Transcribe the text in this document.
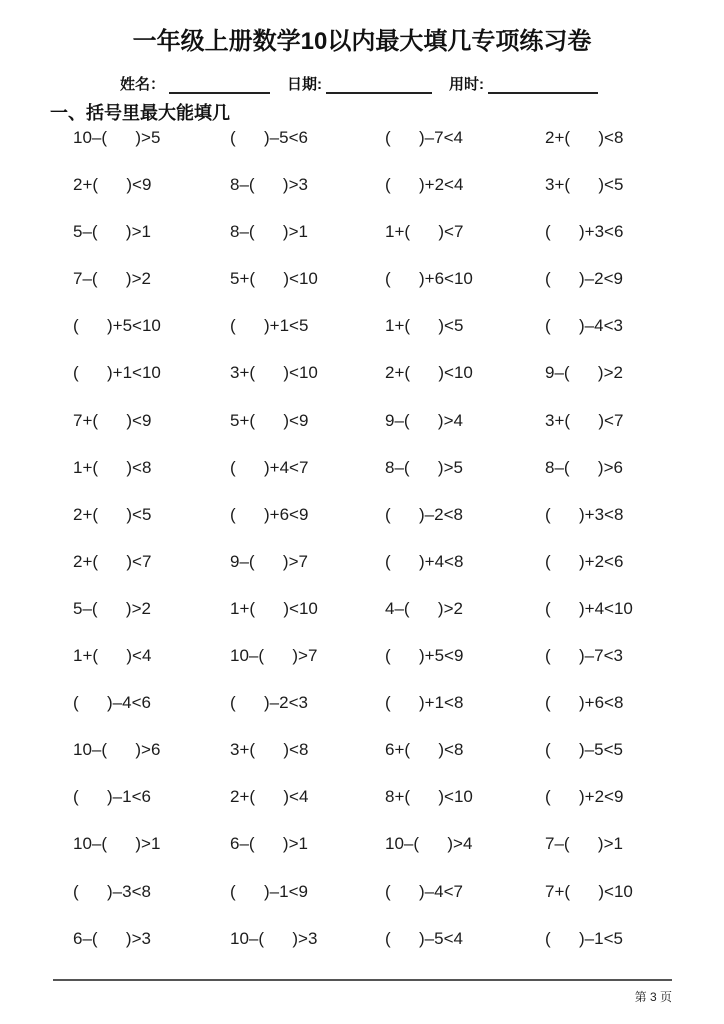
一年级上册数学10以内最大填几专项练习卷
姓名：	日期:	用时:
一、括号里最大能填几
10–(      )>5	(      )–5<6	(      )–7<4	2+(      )<8
2+(      )<9	8–(      )>3	(      )+2<4	3+(      )<5
5–(      )>1	8–(      )>1	1+(      )<7	(      )+3<6
7–(      )>2	5+(      )<10	(      )+6<10	(      )–2<9
(      )+5<10	(      )+1<5	1+(      )<5	(      )–4<3
(      )+1<10	3+(      )<10	2+(      )<10	9–(      )>2
7+(      )<9	5+(      )<9	9–(      )>4	3+(      )<7
1+(      )<8	(      )+4<7	8–(      )>5	8–(      )>6
2+(      )<5	(      )+6<9	(      )–2<8	(      )+3<8
2+(      )<7	9–(      )>7	(      )+4<8	(      )+2<6
5–(      )>2	1+(      )<10	4–(      )>2	(      )+4<10
1+(      )<4	10–(      )>7	(      )+5<9	(      )–7<3
(      )–4<6	(      )–2<3	(      )+1<8	(      )+6<8
10–(      )>6	3+(      )<8	6+(      )<8	(      )–5<5
(      )–1<6	2+(      )<4	8+(      )<10	(      )+2<9
10–(      )>1	6–(      )>1	10–(      )>4	7–(      )>1
(      )–3<8	(      )–1<9	(      )–4<7	7+(      )<10
6–(      )>3	10–(      )>3	(      )–5<4	(      )–1<5
第 3 页
